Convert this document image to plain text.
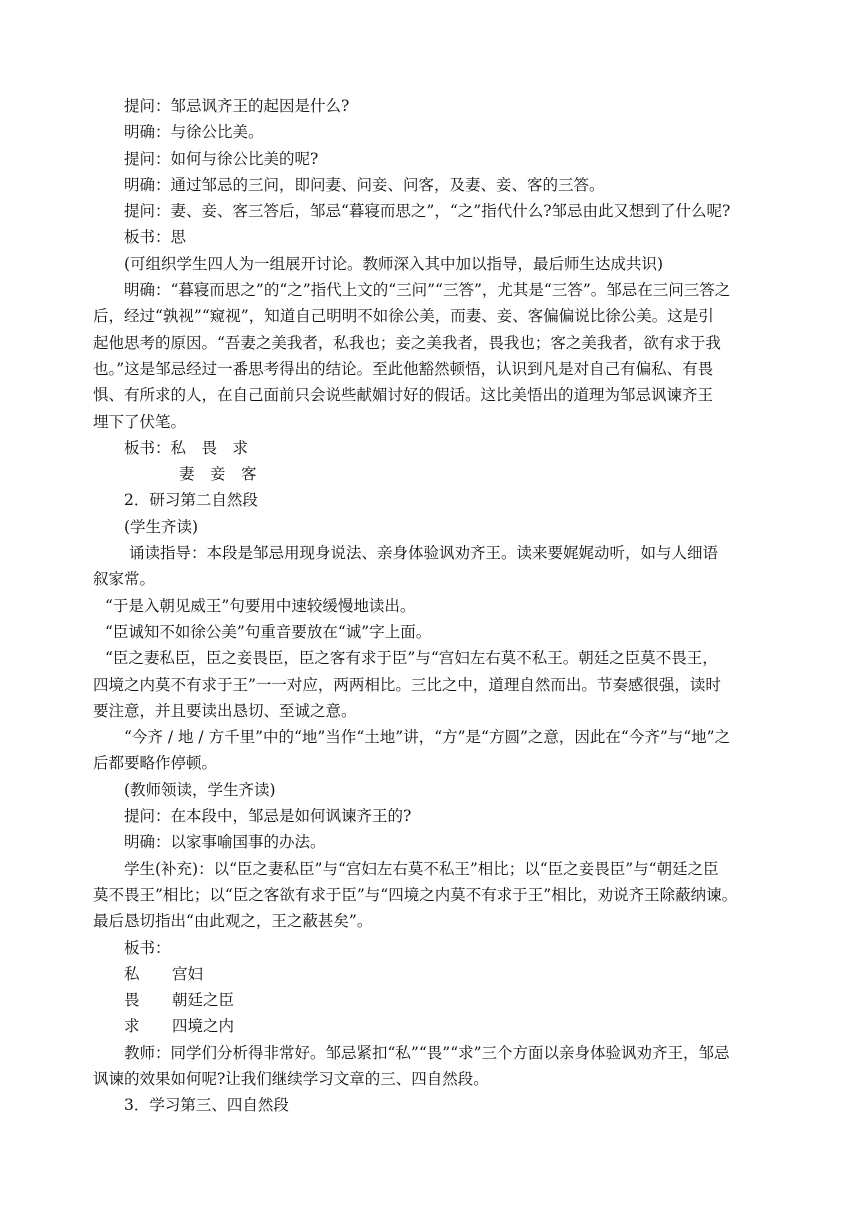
提问：邹忌讽齐王的起因是什么?
明确：与徐公比美。
提问：如何与徐公比美的呢?
明确：通过邹忌的三问，即问妻、问妾、问客，及妻、妾、客的三答。
提问：妻、妾、客三答后，邹忌“暮寝而思之”，“之”指代什么?邹忌由此又想到了什么呢?
板书：思
(可组织学生四人为一组展开讨论。教师深入其中加以指导，最后师生达成共识)
明确：“暮寝而思之”的“之”指代上文的“三问”“三答”，尤其是“三答”。邹忌在三问三答之
后，经过“孰视”“窥视”，知道自己明明不如徐公美，而妻、妾、客偏偏说比徐公美。这是引
起他思考的原因。“吾妻之美我者，私我也；妾之美我者，畏我也；客之美我者，欲有求于我
也。”这是邹忌经过一番思考得出的结论。至此他豁然顿悟，认识到凡是对自己有偏私、有畏
惧、有所求的人，在自己面前只会说些献媚讨好的假话。这比美悟出的道理为邹忌讽谏齐王
埋下了伏笔。
板书：私　畏　求
妻　妾　客
2．研习第二自然段
(学生齐读)
诵读指导：本段是邹忌用现身说法、亲身体验讽劝齐王。读来要娓娓动听，如与人细语
叙家常。
“于是入朝见威王”句要用中速较缓慢地读出。
“臣诚知不如徐公美”句重音要放在“诚”字上面。
“臣之妻私臣，臣之妾畏臣，臣之客有求于臣”与“宫妇左右莫不私王。朝廷之臣莫不畏王，
四境之内莫不有求于王”一一对应，两两相比。三比之中，道理自然而出。节奏感很强，读时
要注意，并且要读出恳切、至诚之意。
“今齐 / 地 / 方千里”中的“地”当作“土地”讲，“方”是“方圆”之意，因此在“今齐”与“地”之
后都要略作停顿。
(教师领读，学生齐读)
提问：在本段中，邹忌是如何讽谏齐王的?
明确：以家事喻国事的办法。
学生(补充)：以“臣之妻私臣”与“宫妇左右莫不私王”相比；以“臣之妾畏臣”与“朝廷之臣
莫不畏王”相比；以“臣之客欲有求于臣”与“四境之内莫不有求于王”相比，劝说齐王除蔽纳谏。
最后恳切指出“由此观之，王之蔽甚矣”。
板书：
私	宫妇
畏	朝廷之臣
求	四境之内
教师：同学们分析得非常好。邹忌紧扣“私”“畏”“求”三个方面以亲身体验讽劝齐王，邹忌
讽谏的效果如何呢?让我们继续学习文章的三、四自然段。
3．学习第三、四自然段
